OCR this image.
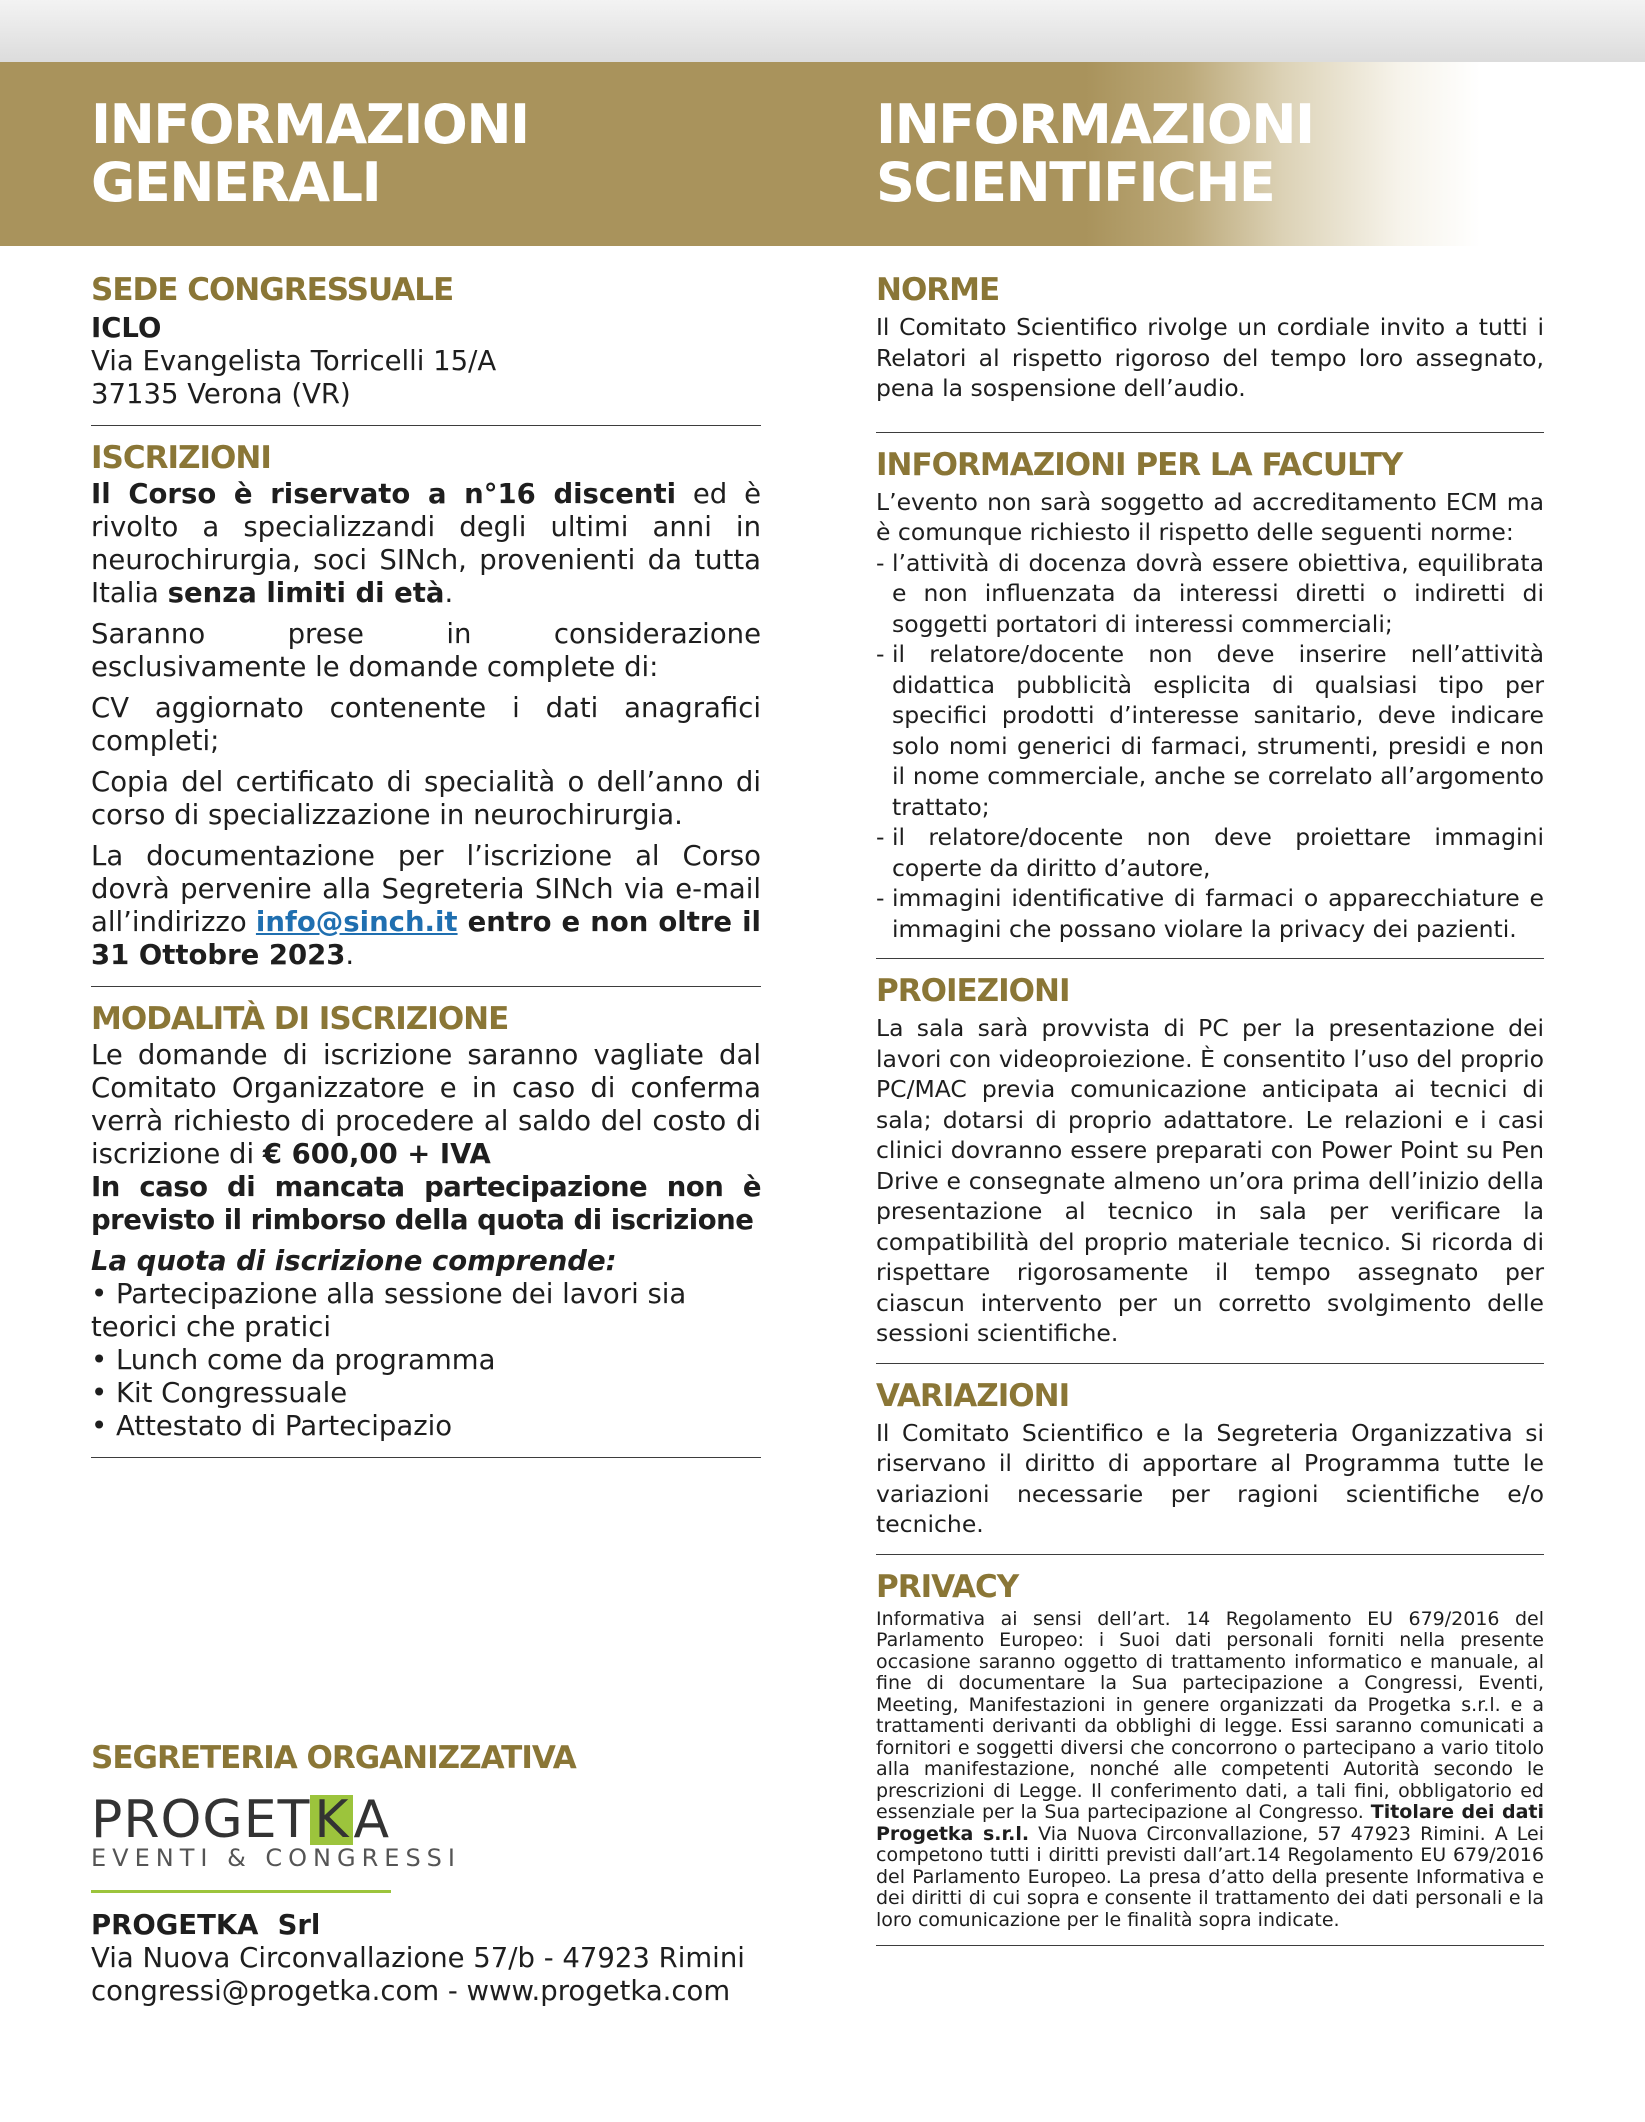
INFORMAZIONI
GENERALI
INFORMAZIONI
SCIENTIFICHE
SEDE CONGRESSUALE

ICLO

Via Evangelista Torricelli 15/A

37135 Verona (VR)

ISCRIZIONI

Il Corso è riservato a n°16 discenti ed è rivolto a specializzandi degli ultimi anni in neurochirurgia, soci SINch, provenienti da tutta Italia senza limiti di età.

Saranno prese in considerazione esclusivamente le domande complete di:

CV aggiornato contenente i dati anagrafici completi;

Copia del certificato di specialità o dell’anno di corso di specializzazione in neurochirurgia.

La documentazione per l’iscrizione al Corso dovrà pervenire alla Segreteria SINch via e-mail all’indirizzo info@sinch.it entro e non oltre il 31 Ottobre 2023.

MODALITÀ DI ISCRIZIONE

Le domande di iscrizione saranno vagliate dal Comitato Organizzatore e in caso di conferma verrà richiesto di procedere al saldo del costo di iscrizione di € 600,00 + IVA

In caso di mancata partecipazione non è previsto il rimborso della quota di iscrizione

La quota di iscrizione comprende:

• Partecipazione alla sessione dei lavori sia teorici che pratici
• Lunch come da programma
• Kit Congressuale
• Attestato di Partecipazio
SEGRETERIA ORGANIZZATIVA
PROGETKA
EVENTI & CONGRESSI
PROGETKA  Srl
Via Nuova Circonvallazione 57/b - 47923 Rimini
congressi@progetka.com - www.progetka.com
NORME
Il Comitato Scientifico rivolge un cordiale invito a tutti i Relatori al rispetto rigoroso del tempo loro assegnato, pena la sospensione dell’audio.
INFORMAZIONI PER LA FACULTY

L’evento non sarà soggetto ad accreditamento ECM ma è comunque richiesto il rispetto delle seguenti norme:

- l’attività di docenza dovrà essere obiettiva, equilibrata e non influenzata da interessi diretti o indiretti di soggetti portatori di interessi commerciali;
- il relatore/docente non deve inserire nell’attività didattica pubblicità esplicita di qualsiasi tipo per specifici prodotti d’interesse sanitario, deve indicare solo nomi generici di farmaci, strumenti, presidi e non il nome commerciale, anche se correlato all’argomento trattato;
- il relatore/docente non deve proiettare immagini coperte da diritto d’autore,
- immagini identificative di farmaci o apparecchiature e immagini che possano violare la privacy dei pazienti.
PROIEZIONI
La sala sarà provvista di PC per la presentazione dei lavori con videoproiezione. È consentito l’uso del proprio PC/MAC previa comunicazione anticipata ai tecnici di sala; dotarsi di proprio adattatore. Le relazioni e i casi clinici dovranno essere preparati con Power Point su Pen Drive e consegnate almeno un’ora prima dell’inizio della presentazione al tecnico in sala per verificare la compatibilità del proprio materiale tecnico. Si ricorda di rispettare rigorosamente il tempo assegnato per ciascun intervento per un corretto svolgimento delle sessioni scientifiche.
VARIAZIONI
Il Comitato Scientifico e la Segreteria Organizzativa si riservano il diritto di apportare al Programma tutte le variazioni necessarie per ragioni scientifiche e/o tecniche.
PRIVACY
Informativa ai sensi dell’art. 14 Regolamento EU 679/2016 del Parlamento Europeo: i Suoi dati personali forniti nella presente occasione saranno oggetto di trattamento informatico e manuale, al fine di documentare la Sua partecipazione a Congressi, Eventi, Meeting, Manifestazioni in genere organizzati da Progetka s.r.l. e a trattamenti derivanti da obblighi di legge. Essi saranno comunicati a fornitori e soggetti diversi che concorrono o partecipano a vario titolo alla manifestazione, nonché alle competenti Autorità secondo le prescrizioni di Legge. Il conferimento dati, a tali fini, obbligatorio ed essenziale per la Sua partecipazione al Congresso. Titolare dei dati Progetka s.r.l. Via Nuova Circonvallazione, 57 47923 Rimini. A Lei competono tutti i diritti previsti dall’art.14 Regolamento EU 679/2016 del Parlamento Europeo. La presa d’atto della presente Informativa e dei diritti di cui sopra e consente il trattamento dei dati personali e la loro comunicazione per le finalità sopra indicate.
